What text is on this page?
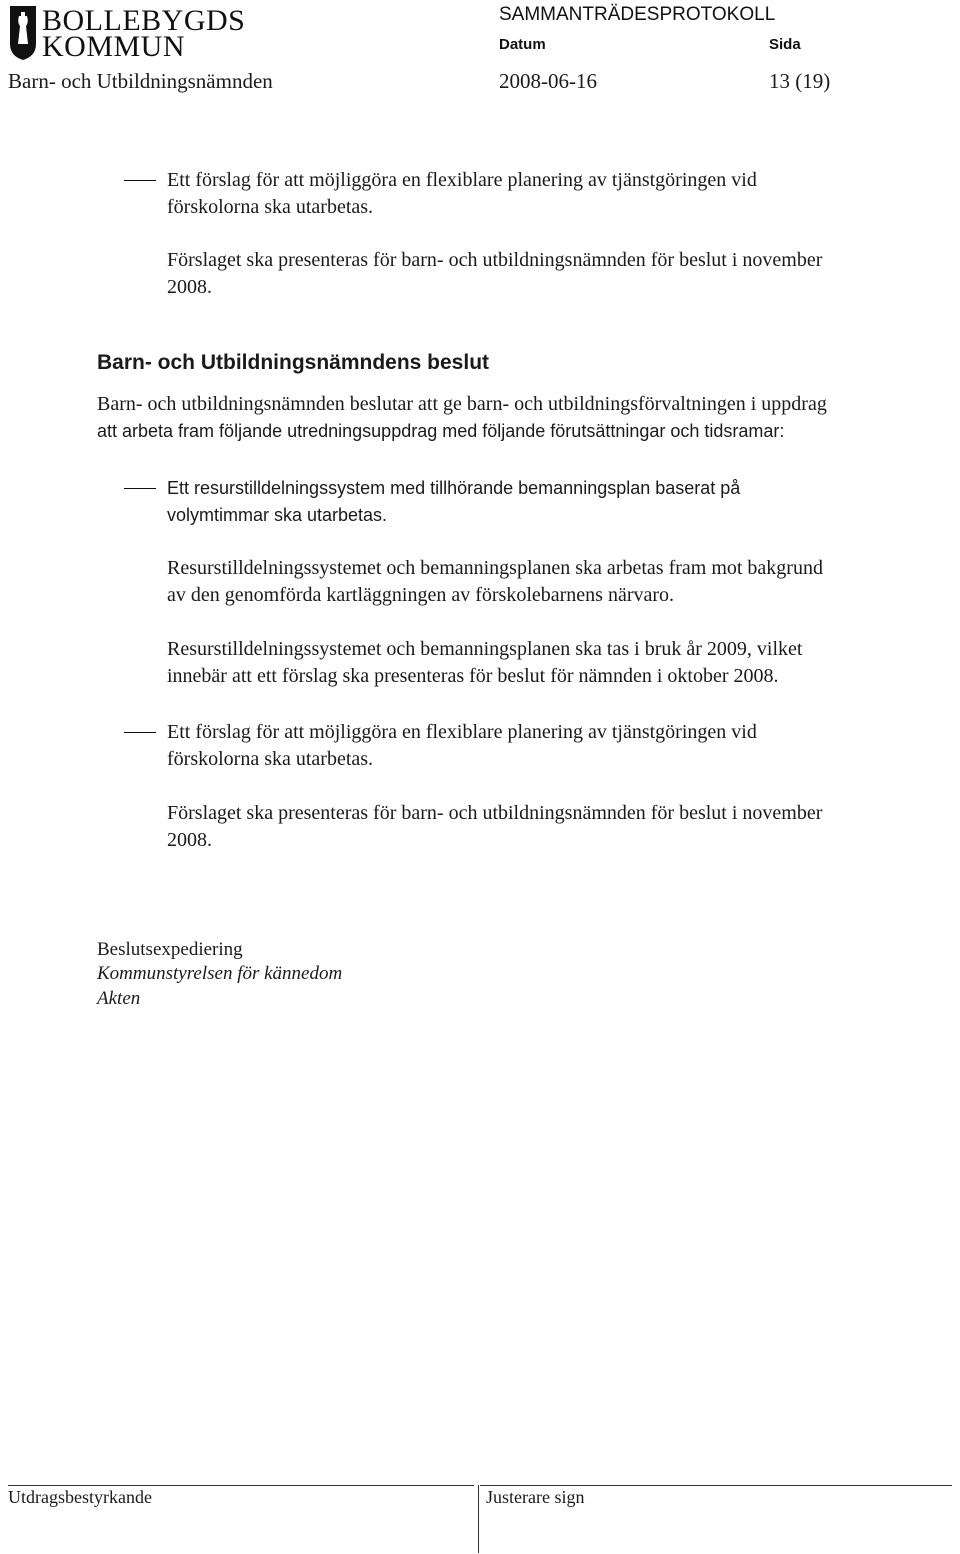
BOLLEBYGDS
KOMMUN
SAMMANTRÄDESPROTOKOLL
Datum	Sida
Barn- och Utbildningsnämnden	2008-06-16	13 (19)
Ett förslag för att möjliggöra en flexiblare planering av tjänstgöringen vid
förskolorna ska utarbetas.
Förslaget ska presenteras för barn- och utbildningsnämnden för beslut i november
2008.
Barn- och Utbildningsnämndens beslut
Barn- och utbildningsnämnden beslutar att ge barn- och utbildningsförvaltningen i uppdrag
att arbeta fram följande utredningsuppdrag med följande förutsättningar och tidsramar:
Ett resurstilldelningssystem med tillhörande bemanningsplan baserat på
volymtimmar ska utarbetas.
Resurstilldelningssystemet och bemanningsplanen ska arbetas fram mot bakgrund
av den genomförda kartläggningen av förskolebarnens närvaro.
Resurstilldelningssystemet och bemanningsplanen ska tas i bruk år 2009, vilket
innebär att ett förslag ska presenteras för beslut för nämnden i oktober 2008.
Ett förslag för att möjliggöra en flexiblare planering av tjänstgöringen vid
förskolorna ska utarbetas.
Förslaget ska presenteras för barn- och utbildningsnämnden för beslut i november
2008.
Beslutsexpediering
Kommunstyrelsen för kännedom
Akten
Utdragsbestyrkande	Justerare sign
